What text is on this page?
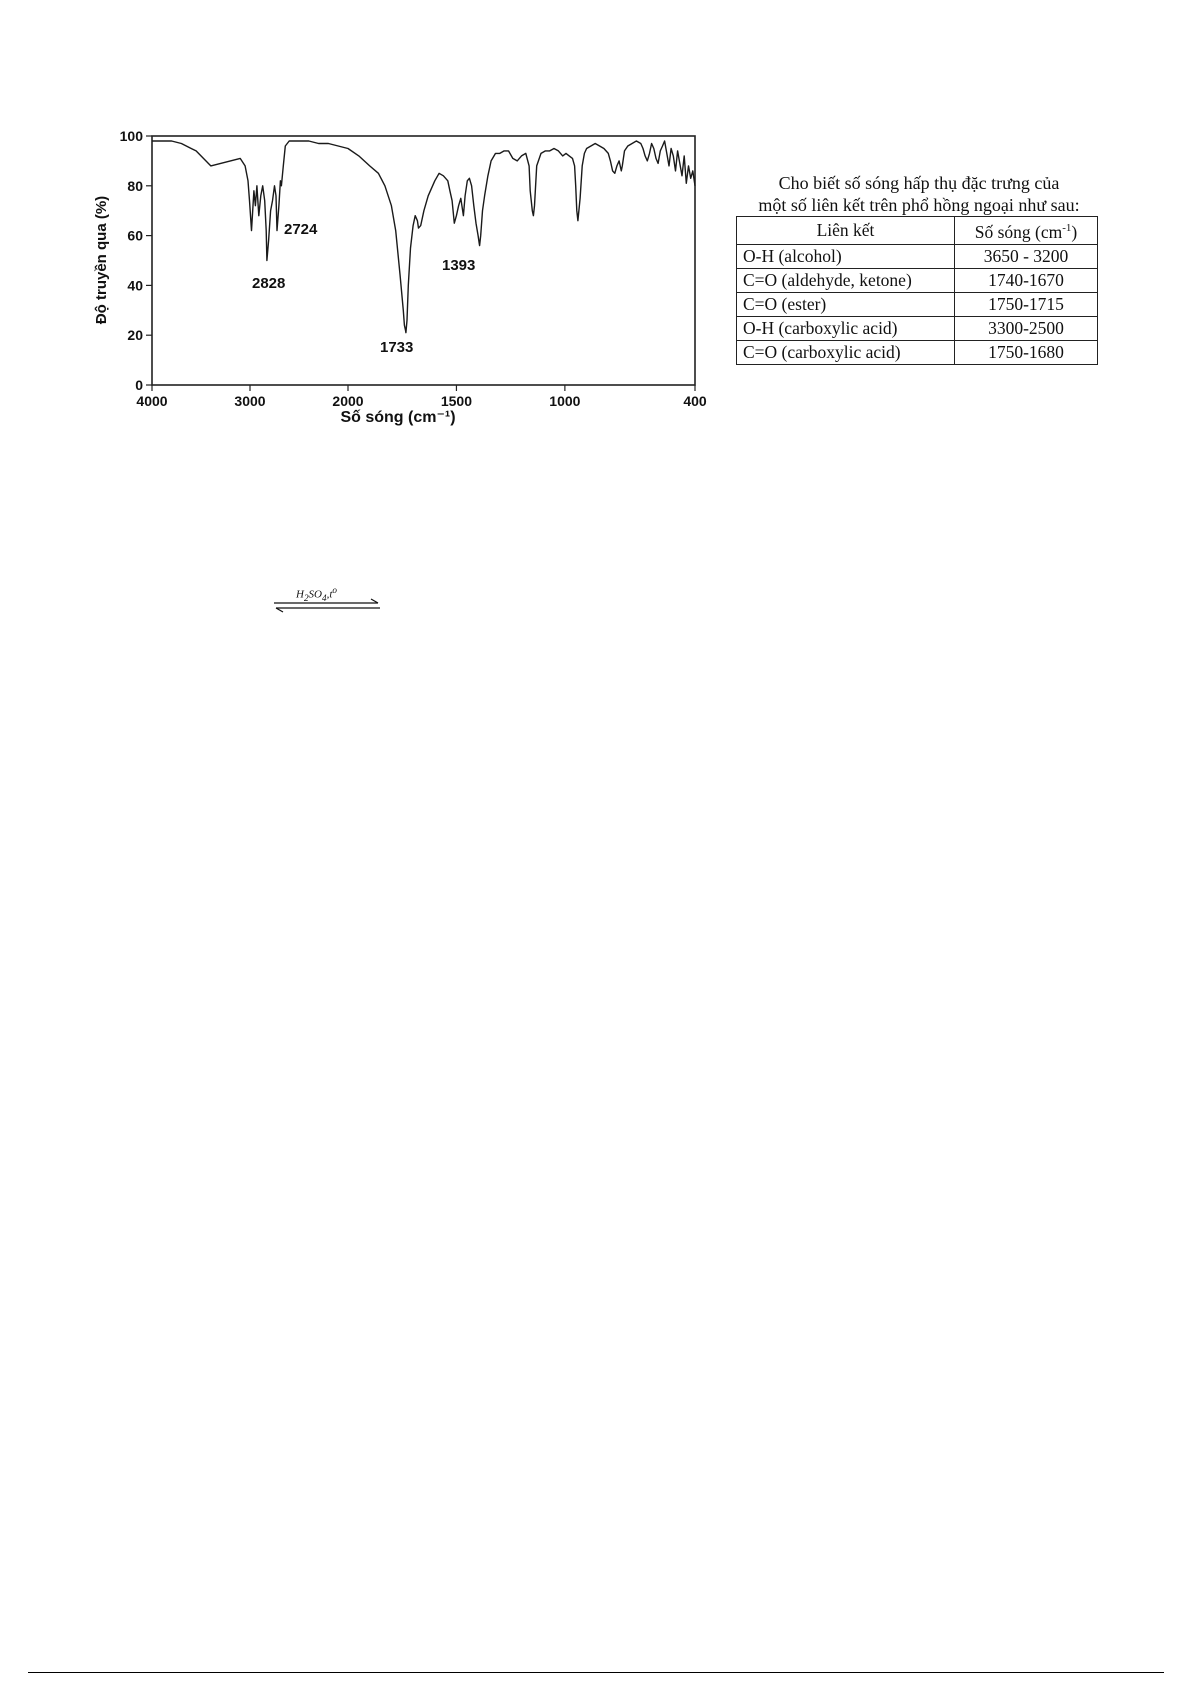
0
20
40
60
80
100
4000	3000	2000	1500	1000	400
2828
2724
1733
1393
Độ truyền qua (%)
Số sóng (cm⁻¹)
Cho biết số sóng hấp thụ đặc trưng của
một số liên kết trên phổ hồng ngoại như sau:
Liên kết	Số sóng $(cm^{-1})$
O-H (alcohol)	3650 - 3200
C=O (aldehyde, ketone)	1740-1670
C=O (ester)	1750-1715
O-H (carboxylic acid)	3300-2500
C=O (carboxylic acid)	1750-1680
$H_2SO_4,t^o$
